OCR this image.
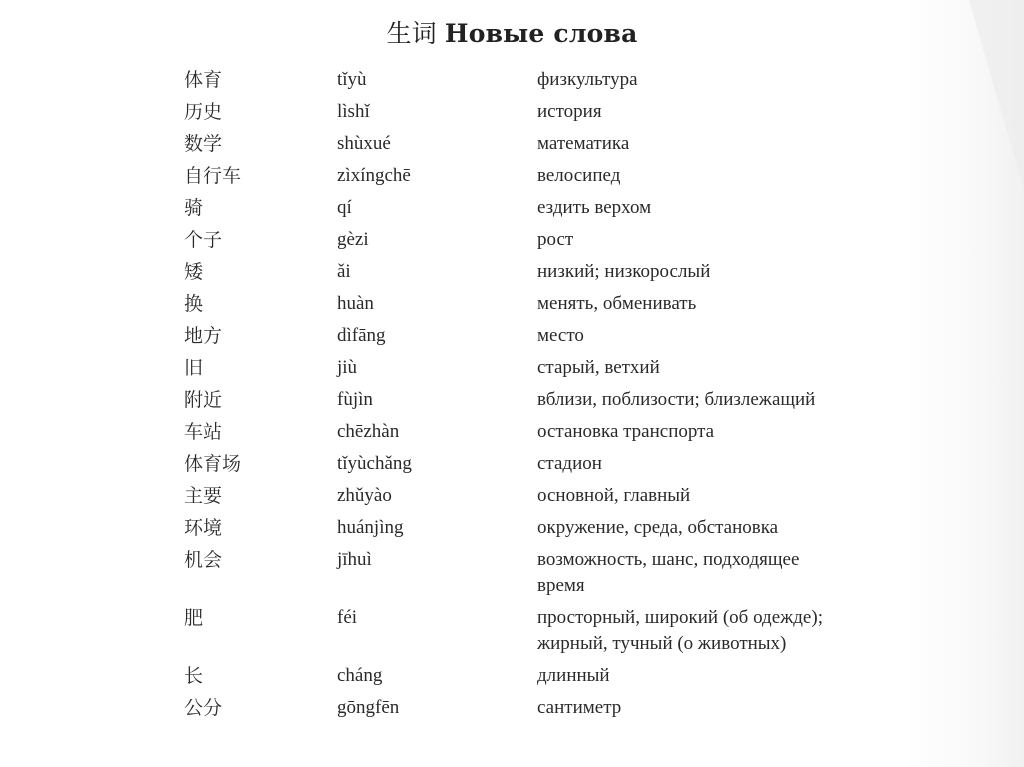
生词 Новые слова
体育	tǐyù	физкультура
历史	lìshǐ	история
数学	shùxué	математика
自行车	zìxíngchē	велосипед
骑	qí	ездить верхом
个子	gèzi	рост
矮	ǎi	низкий; низкорослый
换	huàn	менять, обменивать
地方	dìfāng	место
旧	jiù	старый, ветхий
附近	fùjìn	вблизи, поблизости; близлежащий
车站	chēzhàn	остановка транспорта
体育场	tǐyùchǎng	стадион
主要	zhǔyào	основной, главный
环境	huánjìng	окружение, среда, обстановка
机会	jīhuì	возможность, шанс, подходящее
время
肥	féi	просторный, широкий (об одежде);
жирный, тучный (о животных)
长	cháng	длинный
公分	gōngfēn	сантиметр
